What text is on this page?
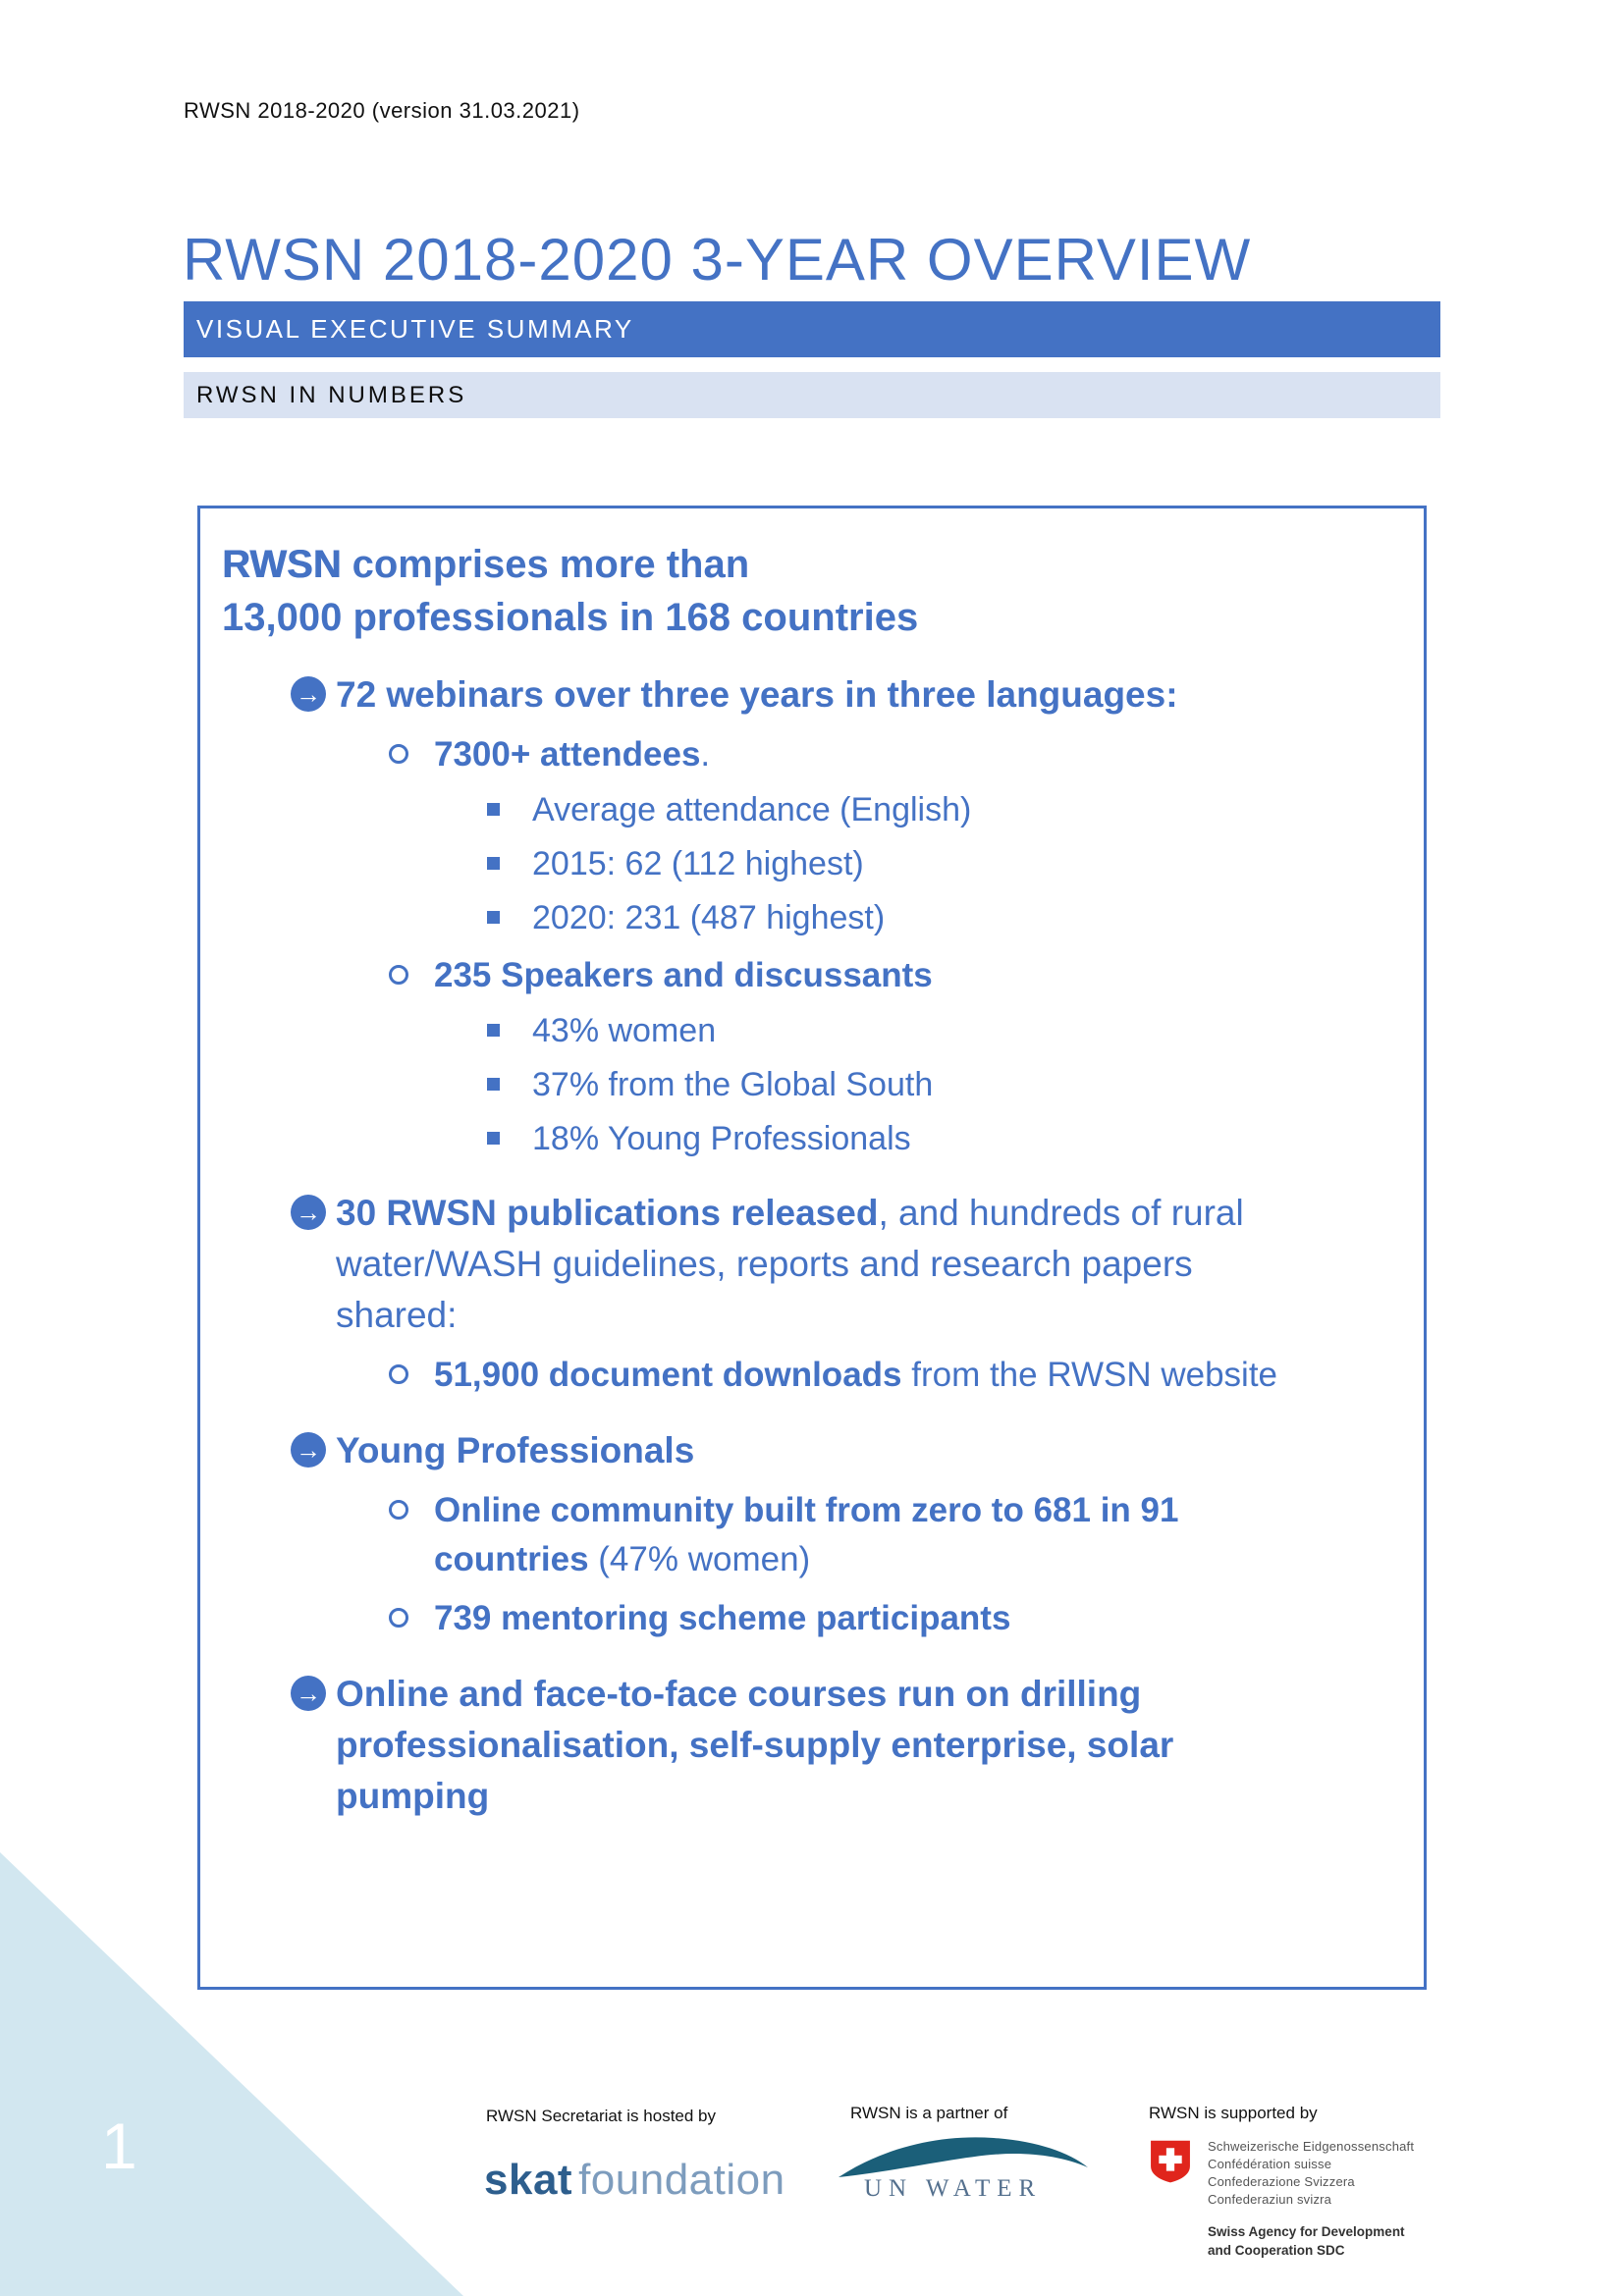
RWSN 2018-2020 (version 31.03.2021)
RWSN 2018-2020 3-YEAR OVERVIEW
VISUAL EXECUTIVE SUMMARY
RWSN IN NUMBERS
RWSN comprises more than
13,000 professionals in 168 countries
→ 72 webinars over three years in three languages:
7300+ attendees.
Average attendance (English)
2015: 62 (112 highest)
2020: 231 (487 highest)
235 Speakers and discussants
43% women
37% from the Global South
18% Young Professionals
→ 30 RWSN publications released, and hundreds of rural water/WASH guidelines, reports and research papers shared:
51,900 document downloads from the RWSN website
→ Young Professionals
Online community built from zero to 681 in 91 countries (47% women)
739 mentoring scheme participants
→ Online and face-to-face courses run on drilling professionalisation, self-supply enterprise, solar pumping
RWSN Secretariat is hosted by
skat foundation
RWSN is a partner of
UN WATER
RWSN is supported by
Schweizerische Eidgenossenschaft
Confédération suisse
Confederazione Svizzera
Confederaziun svizra
Swiss Agency for Development
and Cooperation SDC
1
